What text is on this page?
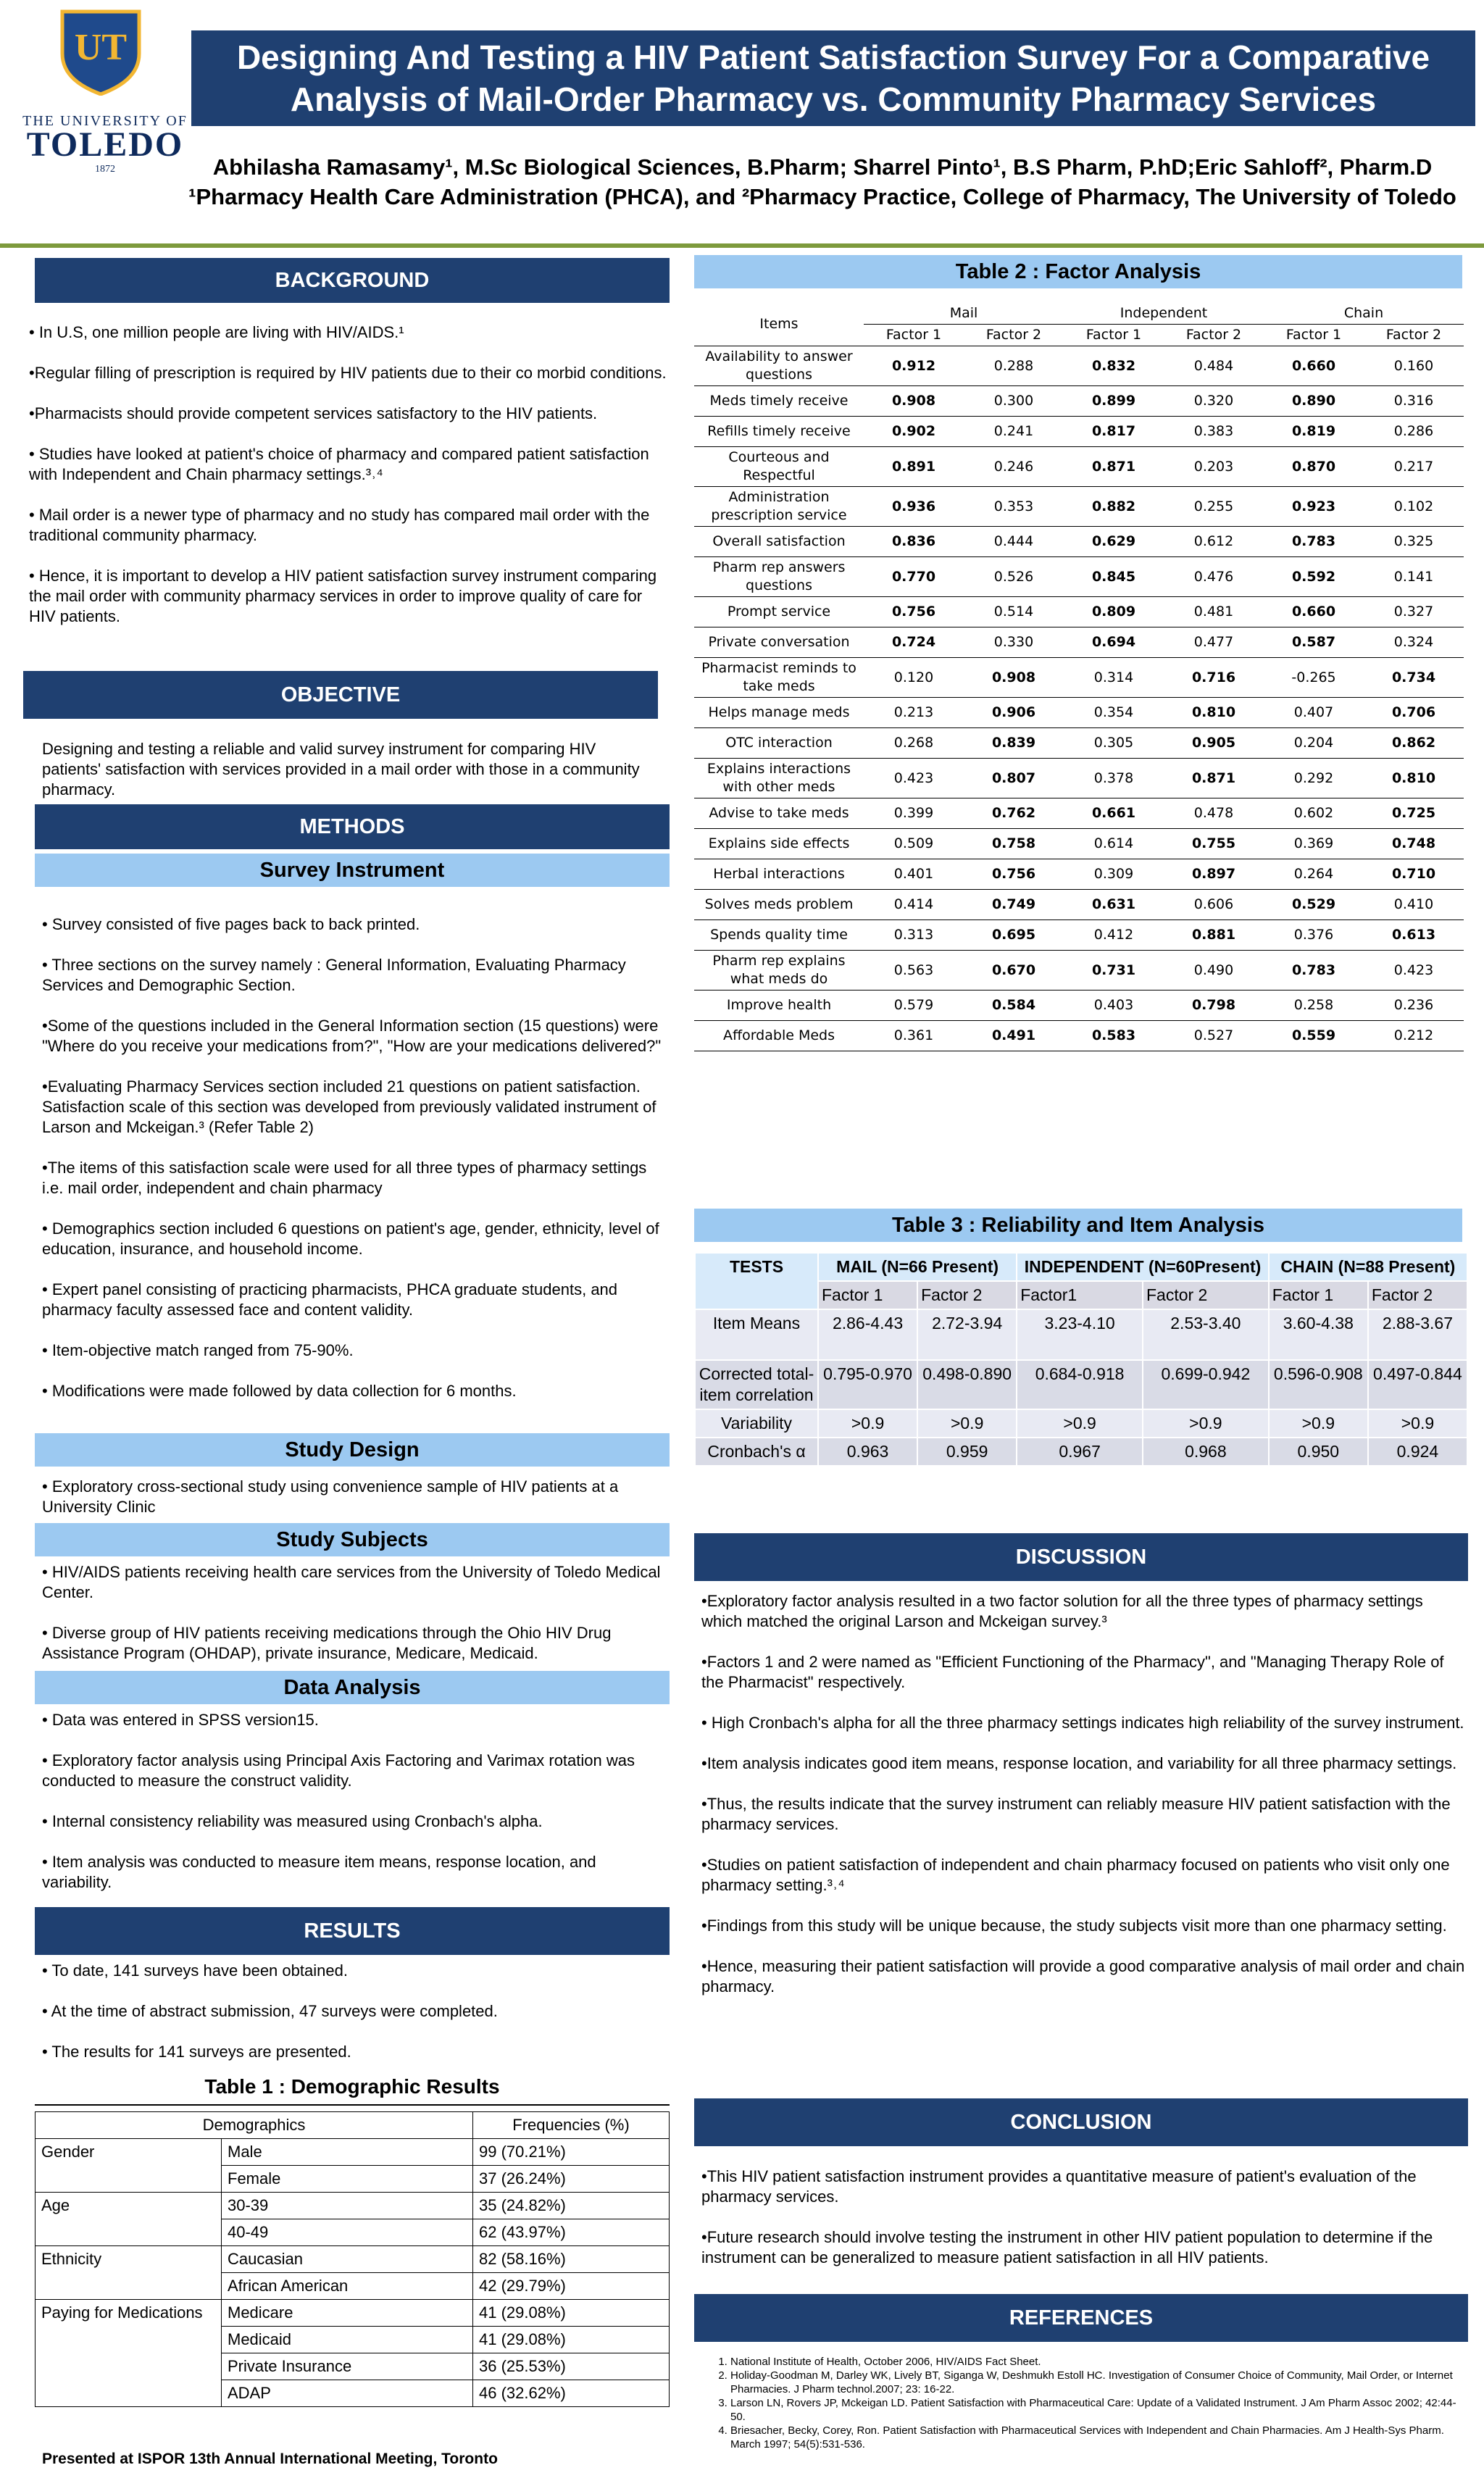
UT
THE UNIVERSITY OF
TOLEDO
1872
Designing And Testing a HIV Patient Satisfaction Survey For a Comparative
Analysis of Mail-Order Pharmacy vs. Community Pharmacy Services
Abhilasha Ramasamy¹, M.Sc Biological Sciences, B.Pharm; Sharrel Pinto¹, B.S Pharm, P.hD;Eric Sahloff², Pharm.D
¹Pharmacy Health Care Administration (PHCA), and ²Pharmacy Practice, College of Pharmacy, The University of Toledo
BACKGROUND

• In U.S, one million people are living with HIV/AIDS.¹

•Regular filling of prescription is required by HIV patients due to their co morbid conditions.

•Pharmacists should provide competent services satisfactory to the HIV patients.

• Studies have looked at patient's choice of pharmacy and compared patient satisfaction with Independent and Chain pharmacy settings.³˒⁴

• Mail order is a newer type of pharmacy and no study has compared mail order with the traditional community pharmacy.

• Hence, it is important to develop a HIV patient satisfaction survey instrument comparing the mail order with community pharmacy services in order to improve quality of care for HIV patients.

OBJECTIVE
Designing and testing a reliable and valid survey instrument for comparing HIV patients' satisfaction with services provided in a mail order with those in a community pharmacy.
METHODS
Survey Instrument

• Survey consisted of five pages back to back printed.

• Three sections on the survey namely : General Information, Evaluating Pharmacy Services and Demographic Section.

•Some of the questions included in the General Information section (15 questions) were "Where do you receive your medications from?", "How are your medications delivered?"

•Evaluating Pharmacy Services section included 21 questions on patient satisfaction. Satisfaction scale of this section was developed from previously validated instrument of Larson and Mckeigan.³ (Refer Table 2)

•The items of this satisfaction scale were used for all three types of pharmacy settings i.e. mail order, independent and chain pharmacy

• Demographics section included 6 questions on patient's age, gender, ethnicity, level of education, insurance, and household income.

• Expert panel consisting of practicing pharmacists, PHCA graduate students, and pharmacy faculty assessed face and content validity.

• Item-objective match ranged from 75-90%.

• Modifications were made followed by data collection for 6 months.

Study Design
• Exploratory cross-sectional study using convenience sample of HIV patients at a University Clinic
Study Subjects

• HIV/AIDS patients receiving health care services from the University of Toledo Medical Center.

• Diverse group of HIV patients receiving medications through the Ohio HIV Drug Assistance Program (OHDAP), private insurance, Medicare, Medicaid.

Data Analysis

• Data was entered in SPSS version15.

• Exploratory factor analysis using Principal Axis Factoring and Varimax rotation was conducted to measure the construct validity.

• Internal consistency reliability was measured using Cronbach's alpha.

• Item analysis was conducted to measure item means, response location, and variability.

RESULTS

• To date, 141 surveys have been obtained.

• At the time of abstract submission, 47 surveys were completed.

• The results for 141 surveys are presented.

Table 1 : Demographic Results
Demographics		Frequencies (%)
Gender	Male	99 (70.21%)
	Female	37 (26.24%)
Age	30-39	35 (24.82%)
	40-49	62 (43.97%)
Ethnicity	Caucasian	82 (58.16%)
	African American	42 (29.79%)
Paying for Medications	Medicare	41 (29.08%)
	Medicaid	41 (29.08%)
	Private Insurance	36 (25.53%)
	ADAP	46 (32.62%)
Presented at ISPOR 13th Annual International Meeting, Toronto
Table 2 : Factor Analysis
Items	Mail		Independent		Chain	
	Factor 1	Factor 2	Factor 1	Factor 2	Factor 1	Factor 2
Availability to answer questions	0.912	0.288	0.832	0.484	0.660	0.160
Meds timely receive	0.908	0.300	0.899	0.320	0.890	0.316
Refills timely receive	0.902	0.241	0.817	0.383	0.819	0.286
Courteous and Respectful	0.891	0.246	0.871	0.203	0.870	0.217
Administration prescription service	0.936	0.353	0.882	0.255	0.923	0.102
Overall satisfaction	0.836	0.444	0.629	0.612	0.783	0.325
Pharm rep answers questions	0.770	0.526	0.845	0.476	0.592	0.141
Prompt service	0.756	0.514	0.809	0.481	0.660	0.327
Private conversation	0.724	0.330	0.694	0.477	0.587	0.324
Pharmacist reminds to take meds	0.120	0.908	0.314	0.716	-0.265	0.734
Helps manage meds	0.213	0.906	0.354	0.810	0.407	0.706
OTC interaction	0.268	0.839	0.305	0.905	0.204	0.862
Explains interactions with other meds	0.423	0.807	0.378	0.871	0.292	0.810
Advise to take meds	0.399	0.762	0.661	0.478	0.602	0.725
Explains side effects	0.509	0.758	0.614	0.755	0.369	0.748
Herbal interactions	0.401	0.756	0.309	0.897	0.264	0.710
Solves meds problem	0.414	0.749	0.631	0.606	0.529	0.410
Spends quality time	0.313	0.695	0.412	0.881	0.376	0.613
Pharm rep explains what meds do	0.563	0.670	0.731	0.490	0.783	0.423
Improve health	0.579	0.584	0.403	0.798	0.258	0.236
Affordable Meds	0.361	0.491	0.583	0.527	0.559	0.212
Table 3 : Reliability and Item Analysis
TESTS	MAIL (N=66 Present)		INDEPENDENT (N=60Present)		CHAIN (N=88 Present)	
	Factor 1	Factor 2	Factor1	Factor 2	Factor 1	Factor 2
Item Means	2.86-4.43	2.72-3.94	3.23-4.10	2.53-3.40	3.60-4.38	2.88-3.67
Corrected total-item correlation	0.795-0.970	0.498-0.890	0.684-0.918	0.699-0.942	0.596-0.908	0.497-0.844
Variability	>0.9	>0.9	>0.9	>0.9	>0.9	>0.9
Cronbach's α	0.963	0.959	0.967	0.968	0.950	0.924
DISCUSSION

•Exploratory factor analysis resulted in a two factor solution for all the three types of pharmacy settings which matched the original Larson and Mckeigan survey.³

•Factors 1 and 2 were named as "Efficient Functioning of the Pharmacy", and "Managing Therapy Role of the Pharmacist" respectively.

• High Cronbach's alpha for all the three pharmacy settings indicates high reliability of the survey instrument.

•Item analysis indicates good item means, response location, and variability for all three pharmacy settings.

•Thus, the results indicate that the survey instrument can reliably measure HIV patient satisfaction with the pharmacy services.

•Studies on patient satisfaction of independent and chain pharmacy focused on patients who visit only one pharmacy setting.³˒⁴

•Findings from this study will be unique because, the study subjects visit more than one pharmacy setting.

•Hence, measuring their patient satisfaction will provide a good comparative analysis of mail order and chain pharmacy.

CONCLUSION

•This HIV patient satisfaction instrument provides a quantitative measure of patient's evaluation of the pharmacy services.

•Future research should involve testing the instrument in other HIV patient population to determine if the instrument can be generalized to measure patient satisfaction in all HIV patients.

REFERENCES
1. National Institute of Health, October 2006, HIV/AIDS Fact Sheet.
2. Holiday-Goodman M, Darley WK, Lively BT, Siganga W, Deshmukh Estoll HC. Investigation of Consumer Choice of Community, Mail Order, or Internet Pharmacies. J Pharm technol.2007; 23: 16-22.
3. Larson LN, Rovers JP, Mckeigan LD. Patient Satisfaction with Pharmaceutical Care: Update of a Validated Instrument. J Am Pharm Assoc 2002; 42:44-50.
4. Briesacher, Becky, Corey, Ron. Patient Satisfaction with Pharmaceutical Services with Independent and Chain Pharmacies. Am J Health-Sys Pharm. March 1997; 54(5):531-536.
